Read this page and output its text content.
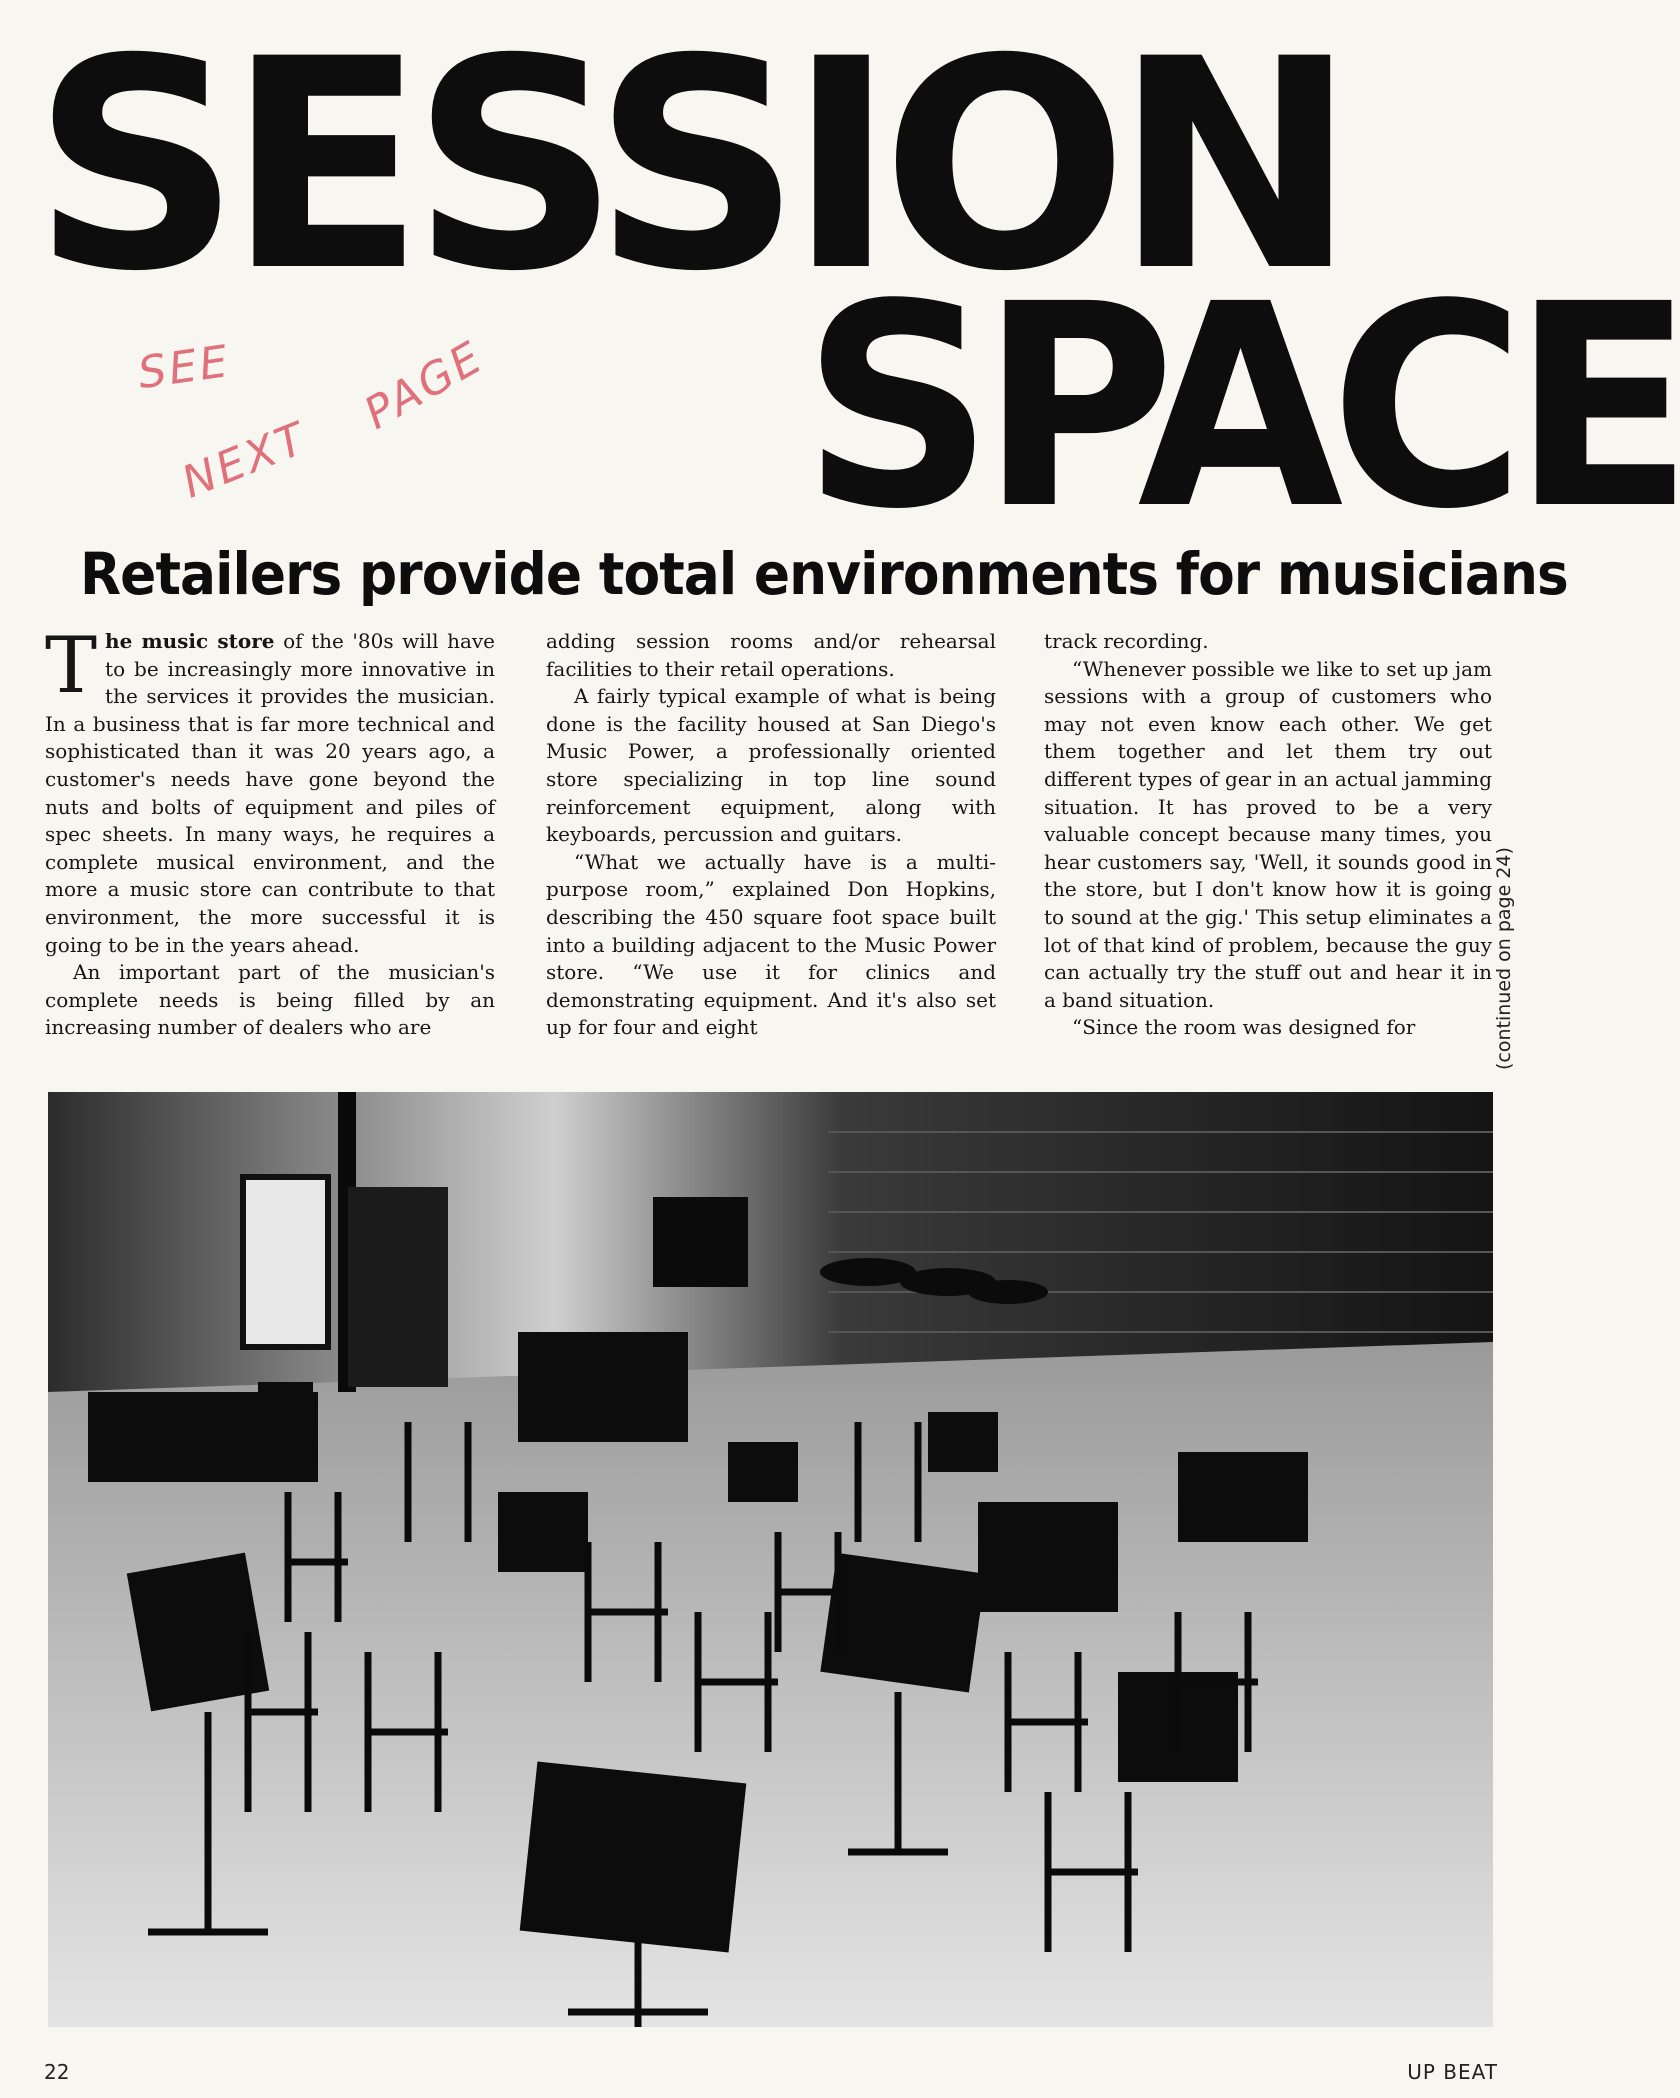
SESSION
SPACE
SEE
NEXT
PAGE
Retailers provide total environments for musicians

The music store of the '80s will have to be increasingly more innovative in the services it provides the musician. In a business that is far more technical and sophisticated than it was 20 years ago, a customer's needs have gone beyond the nuts and bolts of equipment and piles of spec sheets. In many ways, he requires a complete musical environment, and the more a music store can contribute to that environment, the more successful it is going to be in the years ahead.

An important part of the musician's complete needs is being filled by an increasing number of dealers who are

adding session rooms and/or rehearsal facilities to their retail operations.

A fairly typical example of what is being done is the facility housed at San Diego's Music Power, a professionally oriented store specializing in top line sound reinforcement equipment, along with keyboards, percussion and guitars.

“What we actually have is a multi-purpose room,” explained Don Hopkins, describing the 450 square foot space built into a building adjacent to the Music Power store. “We use it for clinics and demonstrating equipment. And it's also set up for four and eight

track recording.

“Whenever possible we like to set up jam sessions with a group of customers who may not even know each other. We get them together and let them try out different types of gear in an actual jamming situation. It has proved to be a very valuable concept because many times, you hear customers say, 'Well, it sounds good in the store, but I don't know how it is going to sound at the gig.' This setup eliminates a lot of that kind of problem, because the guy can actually try the stuff out and hear it in a band situation.

“Since the room was designed for	(continued on page 24)
22	UP BEAT
